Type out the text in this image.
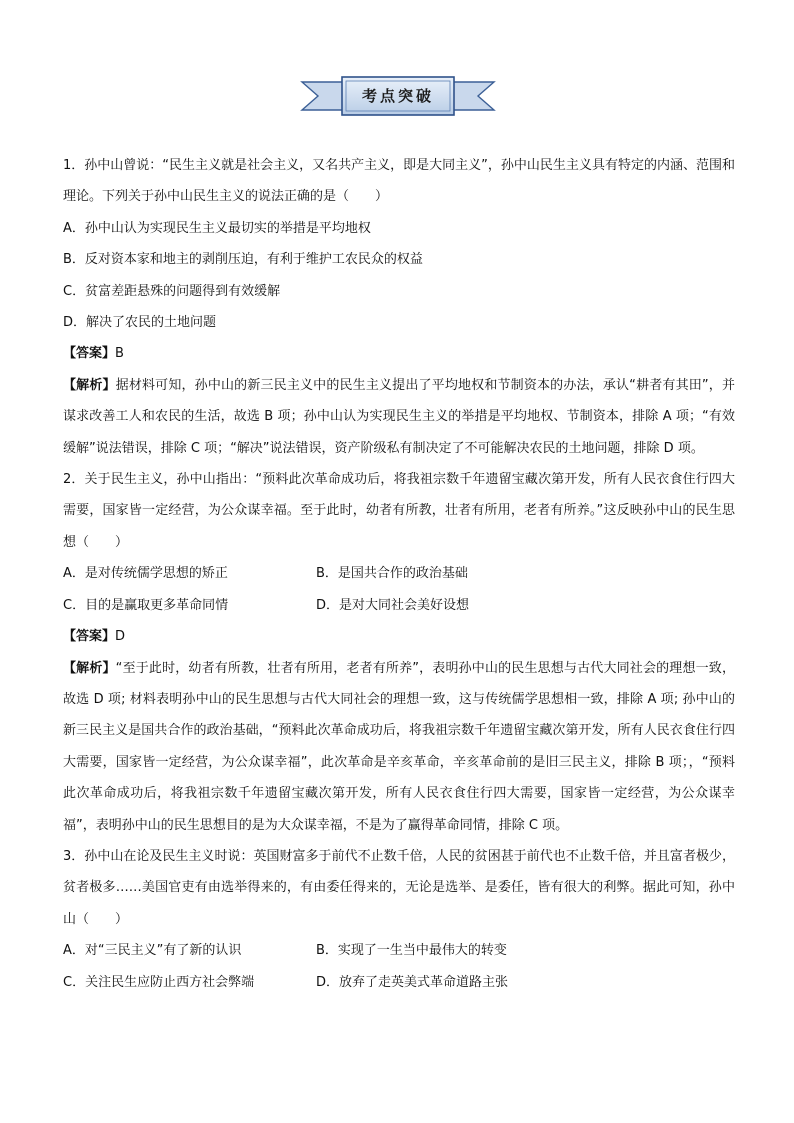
考点突破

1．孙中山曾说：“民生主义就是社会主义，又名共产主义，即是大同主义”，孙中山民生主义具有特定的内涵、范围和理论。下列关于孙中山民生主义的说法正确的是（　　）

A．孙中山认为实现民生主义最切实的举措是平均地权

B．反对资本家和地主的剥削压迫，有利于维护工农民众的权益

C．贫富差距悬殊的问题得到有效缓解

D．解决了农民的土地问题

【答案】B

【解析】据材料可知，孙中山的新三民主义中的民生主义提出了平均地权和节制资本的办法，承认“耕者有其田”，并谋求改善工人和农民的生活，故选 B 项；孙中山认为实现民生主义的举措是平均地权、节制资本，排除 A 项；“有效缓解”说法错误，排除 C 项；“解决”说法错误，资产阶级私有制决定了不可能解决农民的土地问题，排除 D 项。

2．关于民生主义，孙中山指出：“预料此次革命成功后，将我祖宗数千年遗留宝藏次第开发，所有人民衣食住行四大需要，国家皆一定经营，为公众谋幸福。至于此时，幼者有所教，壮者有所用，老者有所养。”这反映孙中山的民生思想（　　）

A．是对传统儒学思想的矫正	B．是国共合作的政治基础

C．目的是赢取更多革命同情	D．是对大同社会美好设想

【答案】D

【解析】“至于此时，幼者有所教，壮者有所用，老者有所养”，表明孙中山的民生思想与古代大同社会的理想一致，故选 D 项; 材料表明孙中山的民生思想与古代大同社会的理想一致，这与传统儒学思想相一致，排除 A 项; 孙中山的新三民主义是国共合作的政治基础，“预料此次革命成功后，将我祖宗数千年遗留宝藏次第开发，所有人民衣食住行四大需要，国家皆一定经营，为公众谋幸福”，此次革命是辛亥革命，辛亥革命前的是旧三民主义，排除 B 项；，“预料此次革命成功后，将我祖宗数千年遗留宝藏次第开发，所有人民衣食住行四大需要，国家皆一定经营，为公众谋幸福”，表明孙中山的民生思想目的是为大众谋幸福，不是为了赢得革命同情，排除 C 项。

3．孙中山在论及民生主义时说：英国财富多于前代不止数千倍，人民的贫困甚于前代也不止数千倍，并且富者极少，贫者极多……美国官吏有由选举得来的，有由委任得来的，无论是选举、是委任，皆有很大的利弊。据此可知，孙中山（　　）

A．对“三民主义”有了新的认识	B．实现了一生当中最伟大的转变

C．关注民生应防止西方社会弊端	D．放弃了走英美式革命道路主张
